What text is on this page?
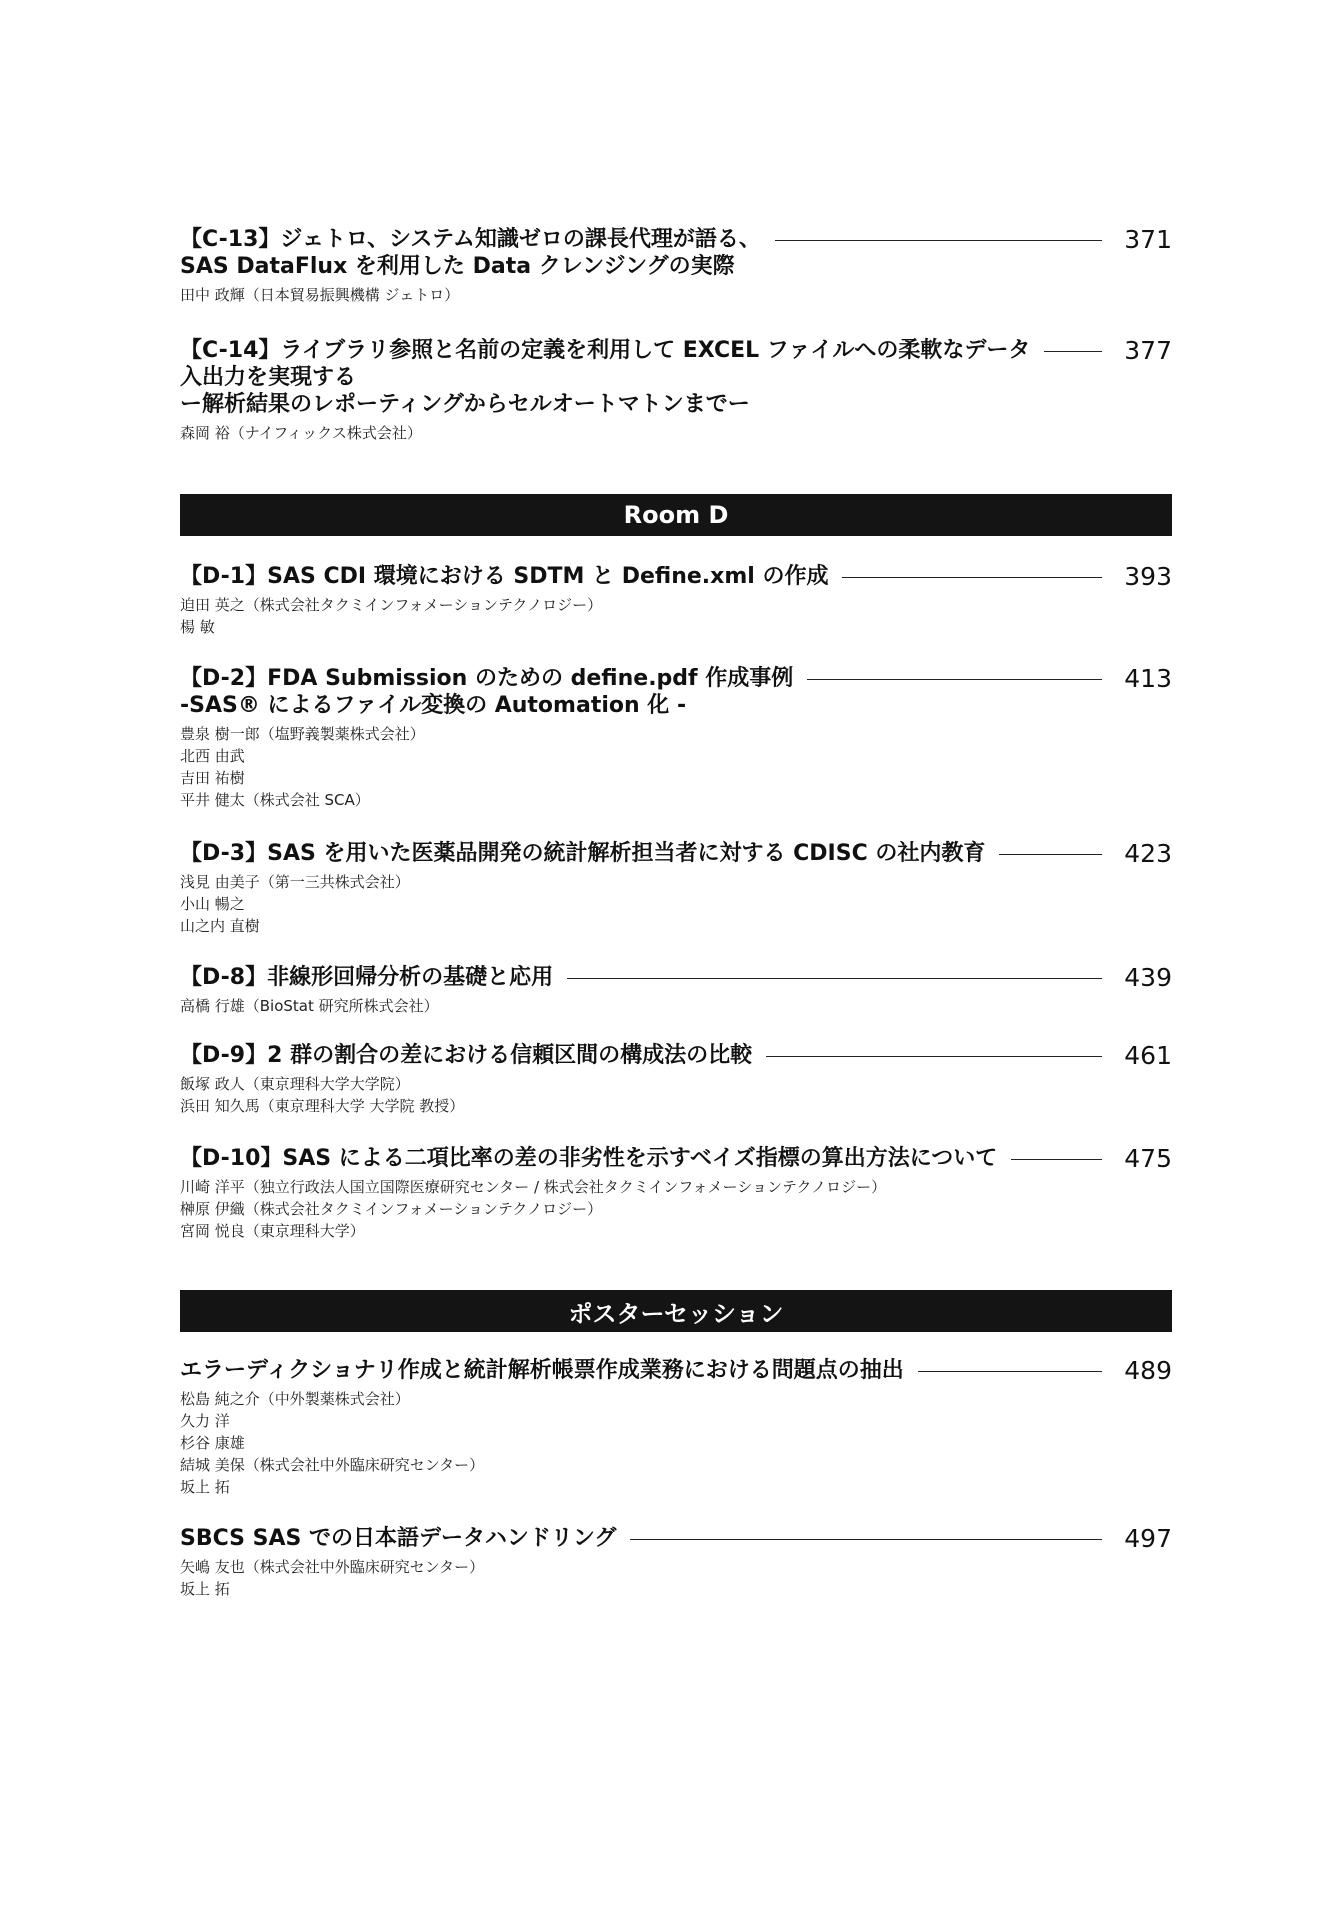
【C-13】ジェトロ、システム知識ゼロの課長代理が語る、	371
SAS DataFlux を利用した Data クレンジングの実際
田中 政輝（日本貿易振興機構 ジェトロ）
【C-14】ライブラリ参照と名前の定義を利用して EXCEL ファイルへの柔軟なデータ	377
入出力を実現する
ー解析結果のレポーティングからセルオートマトンまでー
森岡 裕（ナイフィックス株式会社）
Room D
【D-1】SAS CDI 環境における SDTM と Define.xml の作成	393
迫田 英之（株式会社タクミインフォメーションテクノロジー）
楊 敏
【D-2】FDA Submission のための define.pdf 作成事例	413
-SAS® によるファイル変換の Automation 化 -
豊泉 樹一郎（塩野義製薬株式会社）
北西 由武
吉田 祐樹
平井 健太（株式会社 SCA）
【D-3】SAS を用いた医薬品開発の統計解析担当者に対する CDISC の社内教育	423
浅見 由美子（第一三共株式会社）
小山 暢之
山之内 直樹
【D-8】非線形回帰分析の基礎と応用	439
高橋 行雄（BioStat 研究所株式会社）
【D-9】2 群の割合の差における信頼区間の構成法の比較	461
飯塚 政人（東京理科大学大学院）
浜田 知久馬（東京理科大学 大学院 教授）
【D-10】SAS による二項比率の差の非劣性を示すベイズ指標の算出方法について	475
川崎 洋平（独立行政法人国立国際医療研究センター / 株式会社タクミインフォメーションテクノロジー）
榊原 伊織（株式会社タクミインフォメーションテクノロジー）
宮岡 悦良（東京理科大学）
ポスターセッション
エラーディクショナリ作成と統計解析帳票作成業務における問題点の抽出	489
松島 純之介（中外製薬株式会社）
久力 洋
杉谷 康雄
結城 美保（株式会社中外臨床研究センター）
坂上 拓
SBCS SAS での日本語データハンドリング	497
矢嶋 友也（株式会社中外臨床研究センター）
坂上 拓
